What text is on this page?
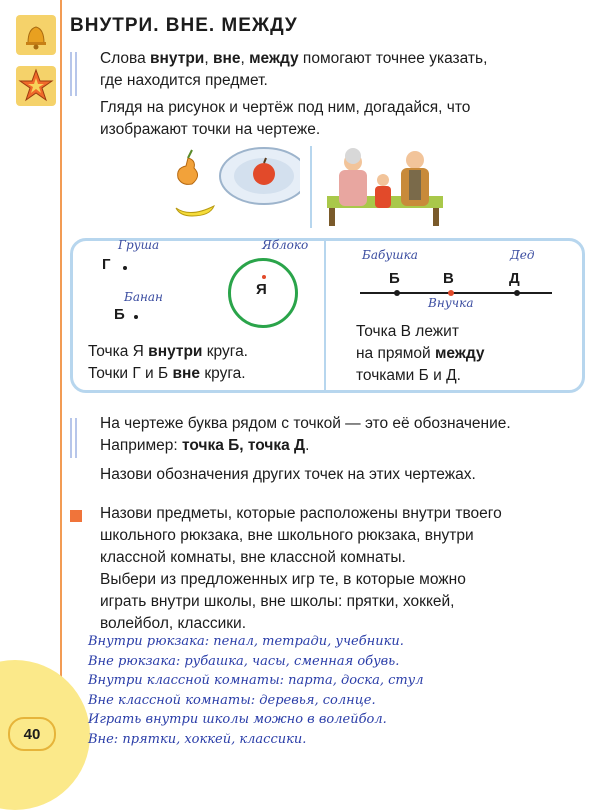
ВНУТРИ. ВНЕ. МЕЖДУ
Слова внутри, вне, между помогают точнее указать,
где находится предмет.
Глядя на рисунок и чертёж под ним, догадайся, что
изображают точки на чертеже.
Груша	Яблоко
Г
Банан
Б
Я
Точка Я внутри круга.
Точки Г и Б вне круга.
Бабушка	Дед
Б	В	Д
Внучка
Точка В лежит
на прямой между
точками Б и Д.
На чертеже буква рядом с точкой — это её обозначение.
Например: точка Б, точка Д.
Назови обозначения других точек на этих чертежах.
Назови предметы, которые расположены внутри твоего
школьного рюкзака, вне школьного рюкзака, внутри
классной комнаты, вне классной комнаты.
Выбери из предложенных игр те, в которые можно
играть внутри школы, вне школы: прятки, хоккей,
волейбол, классики.
Внутри рюкзака: пенал, тетради, учебники.
Вне рюкзака: рубашка, часы, сменная обувь.
Внутри классной комнаты: парта, доска, стул
Вне классной комнаты: деревья, солнце.
Играть внутри школы можно в волейбол.
Вне: прятки, хоккей, классики.
40
